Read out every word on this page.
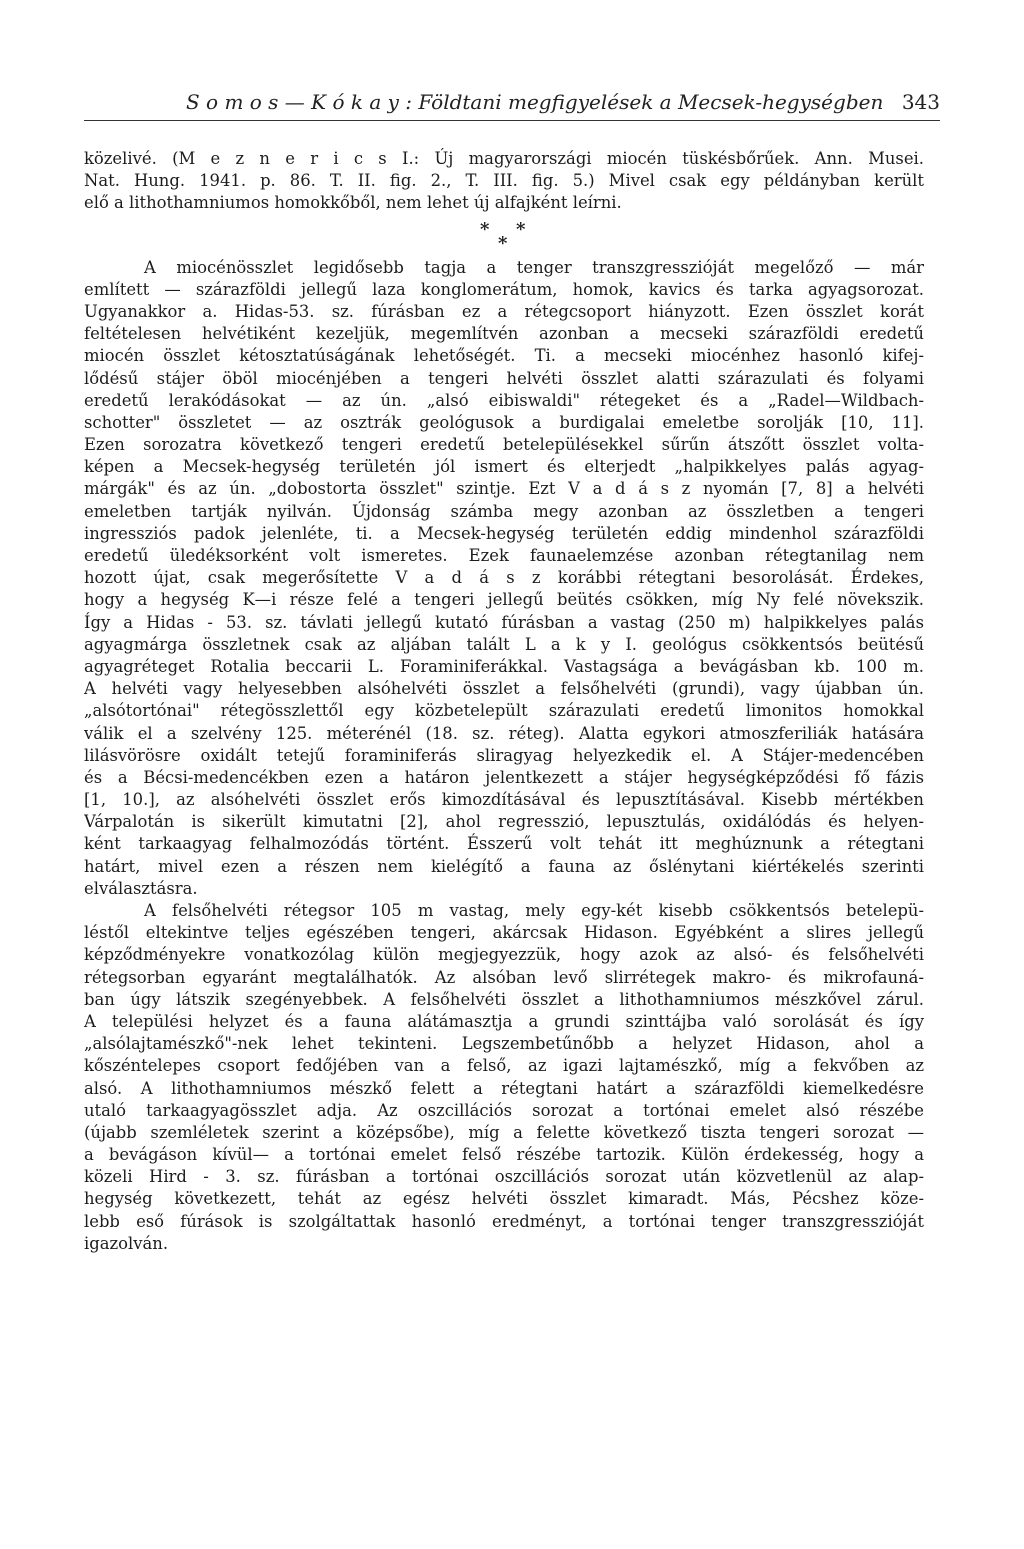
S o m o s — K ó k a y : Földtani megfigyelések a Mecsek-hegységben 343
közelivé. (M e z n e r i c s I.: Új magyarországi miocén tüskésbőrűek. Ann. Musei.
Nat. Hung. 1941. p. 86. T. II. fig. 2., T. III. fig. 5.) Mivel csak egy példányban került
elő a lithothamniumos homokkőből, nem lehet új alfajként leírni.
* *
*
A miocénösszlet legidősebb tagja a tenger transzgresszióját megelőző — már
említett — szárazföldi jellegű laza konglomerátum, homok, kavics és tarka agyagsorozat.
Ugyanakkor a. Hidas-53. sz. fúrásban ez a rétegcsoport hiányzott. Ezen összlet korát
feltételesen helvétiként kezeljük, megemlítvén azonban a mecseki szárazföldi eredetű
miocén összlet kétosztatúságának lehetőségét. Ti. a mecseki miocénhez hasonló kifej-
lődésű stájer öböl miocénjében a tengeri helvéti összlet alatti szárazulati és folyami
eredetű lerakódásokat — az ún. „alsó eibiswaldi" rétegeket és a „Radel—Wildbach-
schotter" összletet — az osztrák geológusok a burdigalai emeletbe sorolják [10, 11].
Ezen sorozatra következő tengeri eredetű betelepülésekkel sűrűn átszőtt összlet volta-
képen a Mecsek-hegység területén jól ismert és elterjedt „halpikkelyes palás agyag-
márgák" és az ún. „dobostorta összlet" szintje. Ezt V a d á s z nyomán [7, 8] a helvéti
emeletben tartják nyilván. Újdonság számba megy azonban az összletben a tengeri
ingressziós padok jelenléte, ti. a Mecsek-hegység területén eddig mindenhol szárazföldi
eredetű üledéksorként volt ismeretes. Ezek faunaelemzése azonban rétegtanilag nem
hozott újat, csak megerősítette V a d á s z korábbi rétegtani besorolását. Érdekes,
hogy a hegység K—i része felé a tengeri jellegű beütés csökken, míg Ny felé növekszik.
Így a Hidas - 53. sz. távlati jellegű kutató fúrásban a vastag (250 m) halpikkelyes palás
agyagmárga összletnek csak az aljában talált L a k y I. geológus csökkentsós beütésű
agyagréteget Rotalia beccarii L. Foraminiferákkal. Vastagsága a bevágásban kb. 100 m.
A helvéti vagy helyesebben alsóhelvéti összlet a felsőhelvéti (grundi), vagy újabban ún.
„alsótortónai" rétegösszlettől egy közbetelepült szárazulati eredetű limonitos homokkal
válik el a szelvény 125. méterénél (18. sz. réteg). Alatta egykori atmoszferiliák hatására
lilásvörösre oxidált tetejű foraminiferás sliragyag helyezkedik el. A Stájer-medencében
és a Bécsi-medencékben ezen a határon jelentkezett a stájer hegységképződési fő fázis
[1, 10.], az alsóhelvéti összlet erős kimozdításával és lepusztításával. Kisebb mértékben
Várpalotán is sikerült kimutatni [2], ahol regresszió, lepusztulás, oxidálódás és helyen-
ként tarkaagyag felhalmozódás történt. Ésszerű volt tehát itt meghúznunk a rétegtani
határt, mivel ezen a részen nem kielégítő a fauna az őslénytani kiértékelés szerinti
elválasztásra.
A felsőhelvéti rétegsor 105 m vastag, mely egy-két kisebb csökkentsós betelepü-
léstől eltekintve teljes egészében tengeri, akárcsak Hidason. Egyébként a slires jellegű
képződményekre vonatkozólag külön megjegyezzük, hogy azok az alsó- és felsőhelvéti
rétegsorban egyaránt megtalálhatók. Az alsóban levő slirrétegek makro- és mikrofauná-
ban úgy látszik szegényebbek. A felsőhelvéti összlet a lithothamniumos mészkővel zárul.
A települési helyzet és a fauna alátámasztja a grundi szinttájba való sorolását és így
„alsólajtamészkő"-nek lehet tekinteni. Legszembetűnőbb a helyzet Hidason, ahol a
kőszéntelepes csoport fedőjében van a felső, az igazi lajtamészkő, míg a fekvőben az
alsó. A lithothamniumos mészkő felett a rétegtani határt a szárazföldi kiemelkedésre
utaló tarkaagyagösszlet adja. Az oszcillációs sorozat a tortónai emelet alsó részébe
(újabb szemléletek szerint a középsőbe), míg a felette következő tiszta tengeri sorozat —
a bevágáson kívül— a tortónai emelet felső részébe tartozik. Külön érdekesség, hogy a
közeli Hird - 3. sz. fúrásban a tortónai oszcillációs sorozat után közvetlenül az alap-
hegység következett, tehát az egész helvéti összlet kimaradt. Más, Pécshez köze-
lebb eső fúrások is szolgáltattak hasonló eredményt, a tortónai tenger transzgresszióját
igazolván.
